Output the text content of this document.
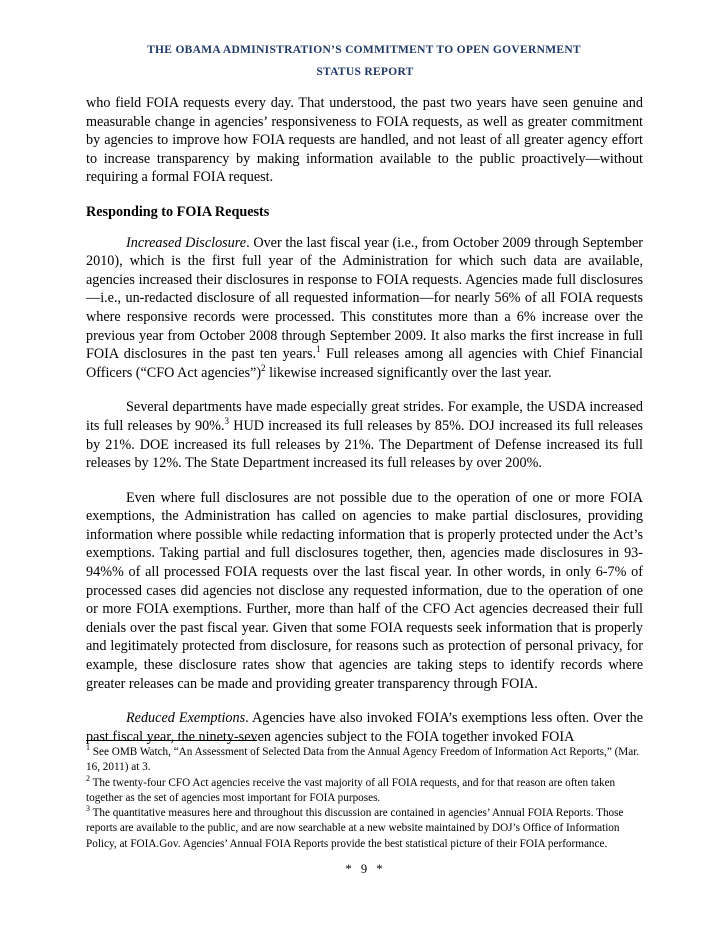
THE OBAMA ADMINISTRATION’S COMMITMENT TO OPEN GOVERNMENT
STATUS REPORT

who field FOIA requests every day. That understood, the past two years have seen genuine and measurable change in agencies’ responsiveness to FOIA requests, as well as greater commitment by agencies to improve how FOIA requests are handled, and not least of all greater agency effort to increase transparency by making information available to the public proactively—without requiring a formal FOIA request.

Responding to FOIA Requests

Increased Disclosure. Over the last fiscal year (i.e., from October 2009 through September 2010), which is the first full year of the Administration for which such data are available, agencies increased their disclosures in response to FOIA requests. Agencies made full disclosures—i.e., un-redacted disclosure of all requested information—for nearly 56% of all FOIA requests where responsive records were processed. This constitutes more than a 6% increase over the previous year from October 2008 through September 2009. It also marks the first increase in full FOIA disclosures in the past ten years.$^1$ Full releases among all agencies with Chief Financial Officers (“CFO Act agencies”)$^2$ likewise increased significantly over the last year.

Several departments have made especially great strides. For example, the USDA increased its full releases by 90%.$^3$ HUD increased its full releases by 85%. DOJ increased its full releases by 21%. DOE increased its full releases by 21%. The Department of Defense increased its full releases by 12%. The State Department increased its full releases by over 200%.

Even where full disclosures are not possible due to the operation of one or more FOIA exemptions, the Administration has called on agencies to make partial disclosures, providing information where possible while redacting information that is properly protected under the Act’s exemptions. Taking partial and full disclosures together, then, agencies made disclosures in 93-94%% of all processed FOIA requests over the last fiscal year. In other words, in only 6-7% of processed cases did agencies not disclose any requested information, due to the operation of one or more FOIA exemptions. Further, more than half of the CFO Act agencies decreased their full denials over the past fiscal year. Given that some FOIA requests seek information that is properly and legitimately protected from disclosure, for reasons such as protection of personal privacy, for example, these disclosure rates show that agencies are taking steps to identify records where greater releases can be made and providing greater transparency through FOIA.

Reduced Exemptions. Agencies have also invoked FOIA’s exemptions less often. Over the past fiscal year, the ninety-seven agencies subject to the FOIA together invoked FOIA

$^1$ See OMB Watch, “An Assessment of Selected Data from the Annual Agency Freedom of Information Act Reports,” (Mar. 16, 2011) at 3.

$^2$ The twenty-four CFO Act agencies receive the vast majority of all FOIA requests, and for that reason are often taken together as the set of agencies most important for FOIA purposes.

$^3$ The quantitative measures here and throughout this discussion are contained in agencies’ Annual FOIA Reports. Those reports are available to the public, and are now searchable at a new website maintained by DOJ’s Office of Information Policy, at FOIA.Gov. Agencies’ Annual FOIA Reports provide the best statistical picture of their FOIA performance.

* 9 *
